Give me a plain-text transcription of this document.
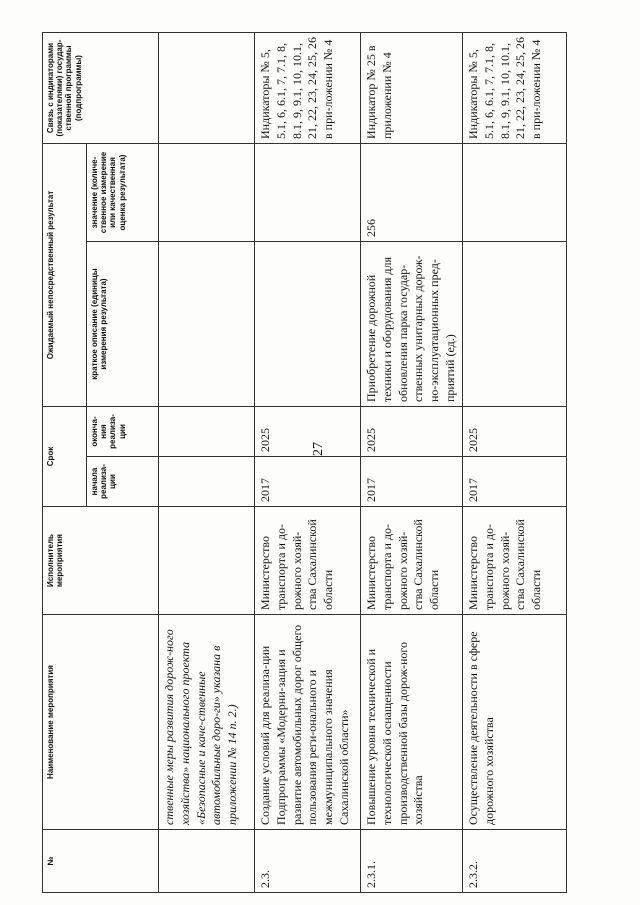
27
№	Наименование мероприятия	Исполнитель мероприятия	Срок		Ожидаемый непосредственный результат		Связь с индикаторами (показателями) государ-ственной программы (подпрограммы)
			начала реализа-ции	оконча-ния реализа-ции	краткое описание (единицы измерения результата)	значение (количе-ственное измерение или качественная оценка результата)	
	ственные меры развития дорож-ного хозяйства» национального проекта «Безопасные и каче-ственные автомобильные доро-ги» указана в приложении № 14 п. 2.)						
2.3.	Создание условий для реализа-ции Подпрограммы «Модерни-зация и развитие автомобильных дорог общего пользования реги-онального и межмуниципального значения Сахалинской области»	Министерство транспорта и до-рожного хозяй-ства Сахалинской области	2017	2025			Индикаторы № 5, 5.1, 6, 6.1, 7, 7.1, 8, 8.1, 9, 9.1, 10, 10.1, 21, 22, 23, 24, 25, 26 в при-ложении № 4
2.3.1.	Повышение уровня технической и технологической оснащенности производственной базы дорож-ного хозяйства	Министерство транспорта и до-рожного хозяй-ства Сахалинской области	2017	2025	Приобретение дорожной техники и оборудования для обновления парка государ-ственных унитарных дорож-но-эксплуатационных пред-приятий (ед.)	256	Индикатор № 25 в приложении № 4
2.3.2.	Осуществление деятельности в сфере дорожного хозяйства	Министерство транспорта и до-рожного хозяй-ства Сахалинской области	2017	2025			Индикаторы № 5, 5.1, 6, 6.1, 7, 7.1, 8, 8.1, 9, 9.1, 10, 10.1, 21, 22, 23, 24, 25, 26 в при-ложении № 4
